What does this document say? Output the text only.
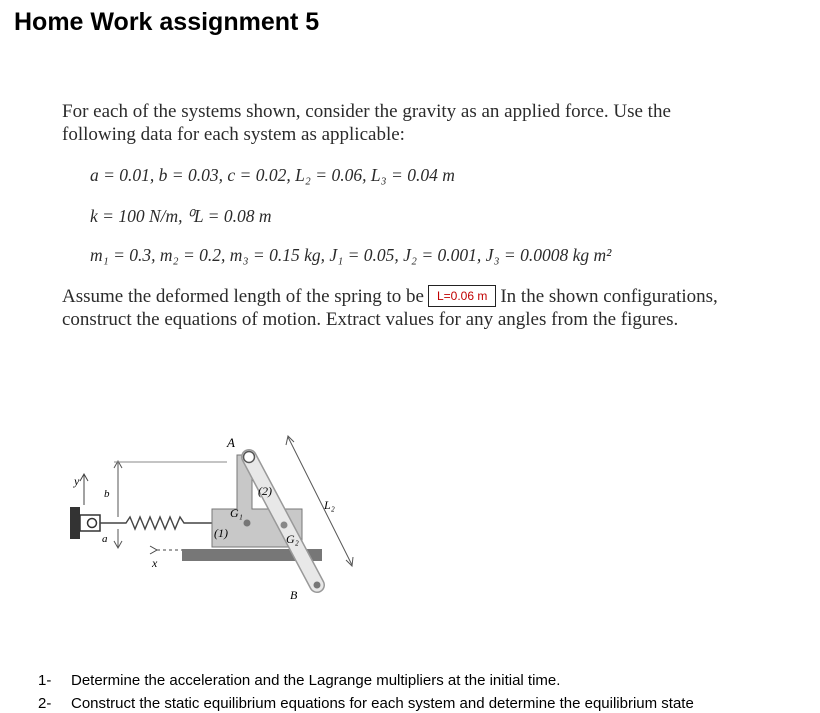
Home Work assignment 5
For each of the systems shown, consider the gravity as an applied force. Use the following data for each system as applicable:
a = 0.01, b = 0.03, c = 0.02, L₂ = 0.06, L₃ = 0.04 m
k = 100 N/m, ⁰L = 0.08 m
m₁ = 0.3, m₂ = 0.2, m₃ = 0.15 kg, J₁ = 0.05, J₂ = 0.001, J₃ = 0.0008 kg m²
Assume the deformed length of the spring to be L=0.06 m In the shown configurations, construct the equations of motion. Extract values for any angles from the figures.
A
B
y
x
a
b
(1)
(2)
G₁
G₂
L₂
1- Determine the acceleration and the Lagrange multipliers at the initial time.
2- Construct the static equilibrium equations for each system and determine the equilibrium state
